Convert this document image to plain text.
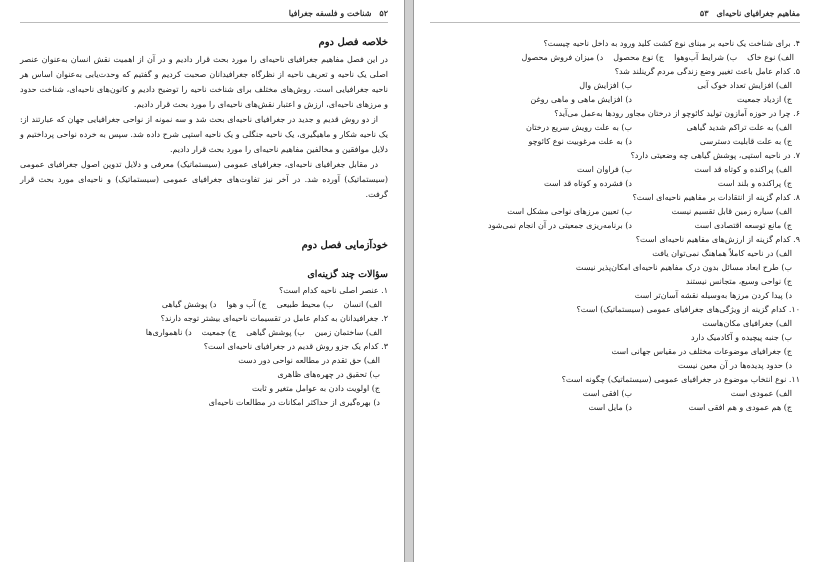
۵۲
شناخت و فلسفه جغرافیا
خلاصه فصل دوم

در این فصل مفاهیم جغرافیای ناحیه‌ای را مورد بحث قرار دادیم و در آن از اهمیت نقش انسان به‌عنوان عنصر اصلی یک ناحیه و تعریف ناحیه از نظرگاه جغرافیدانان صحبت کردیم و گفتیم که وحدت‌یابی به‌عنوان اساس هر ناحیه جغرافیایی است. روش‌های مختلف برای شناخت ناحیه را توضیح دادیم و کانون‌های ناحیه‌ای، شناخت حدود و مرزهای ناحیه‌ای، ارزش و اعتبار نقش‌های ناحیه‌ای را مورد بحث قرار دادیم.

از دو روش قدیم و جدید در جغرافیای ناحیه‌ای بحث شد و سه نمونه از نواحی جغرافیایی جهان که عبارتند از: یک ناحیه شکار و ماهیگیری، یک ناحیه جنگلی و یک ناحیه استپی شرح داده شد. سپس به خرده نواحی پرداختیم و دلایل موافقین و مخالفین مفاهیم ناحیه‌ای را مورد بحث قرار دادیم.

در مقابل جغرافیای ناحیه‌ای، جغرافیای عمومی (سیستماتیک) معرفی و دلایل تدوین اصول جغرافیای عمومی (سیستماتیک) آورده شد. در آخر نیز تفاوت‌های جغرافیای عمومی (سیستماتیک) و ناحیه‌ای مورد بحث قرار گرفت.

خودآزمایی فصل دوم
سؤالات چند گزینه‌ای
۱. عنصر اصلی ناحیه کدام است؟
الف) انسان
ب) محیط طبیعی
ج) آب و هوا
د) پوشش گیاهی
۲. جغرافیدانان به کدام عامل در تقسیمات ناحیه‌ای بیشتر توجه دارند؟
الف) ساختمان زمین
ب) پوشش گیاهی
ج) جمعیت
د) ناهمواری‌ها
۳. کدام یک جزو روش قدیم در جغرافیای ناحیه‌ای است؟
الف) حق تقدم در مطالعه نواحی دور دست
ب) تحقیق در چهره‌های ظاهری
ج) اولویت دادن به عوامل متغیر و ثابت
د) بهره‌گیری از حداکثر امکانات در مطالعات ناحیه‌ای
مفاهیم جغرافیای ناحیه‌ای
۵۳
۴. برای شناخت یک ناحیه بر مبنای نوع کشت کلید ورود به داخل ناحیه چیست؟
الف) نوع خاک
ب) شرایط آب‌وهوا
ج) نوع محصول
د) میزان فروش محصول
۵. کدام عامل باعث تغییر وضع زندگی مردم گرینلند شد؟
الف) افزایش تعداد خوک آبی
ب) افزایش وال
ج) ازدیاد جمعیت
د) افزایش ماهی و ماهی روغن
۶. چرا در حوزه آمازون تولید کائوچو از درختان مجاور رودها به‌عمل می‌آید؟
الف) به علت تراکم شدید گیاهی
ب) به علت رویش سریع درختان
ج) به علت قابلیت دسترسی
د) به علت مرغوبیت نوع کائوچو
۷. در ناحیه استپی، پوشش گیاهی چه وضعیتی دارد؟
الف) پراکنده و کوتاه قد است
ب) فراوان است
ج) پراکنده و بلند است
د) فشرده و کوتاه قد است
۸. کدام گزینه از انتقادات بر مفاهیم ناحیه‌ای است؟
الف) سیاره زمین قابل تقسیم نیست
ب) تعیین مرزهای نواحی مشکل است
ج) مانع توسعه اقتصادی است
د) برنامه‌ریزی جمعیتی در آن انجام نمی‌شود
۹. کدام گزینه از ارزش‌های مفاهیم ناحیه‌ای است؟
الف) در ناحیه کاملاً هماهنگ نمی‌توان یافت
ب) طرح ابعاد مسائل بدون درک مفاهیم ناحیه‌ای امکان‌پذیر نیست
ج) نواحی وسیع، متجانس نیستند
د) پیدا کردن مرزها به‌وسیله نقشه آسان‌تر است
۱۰. کدام گزینه از ویژگی‌های جغرافیای عمومی (سیستماتیک) است؟
الف) جغرافیای مکان‌هاست
ب) جنبه پیچیده و آکادمیک دارد
ج) جغرافیای موضوعات مختلف در مقیاس جهانی است
د) حدود پدیده‌ها در آن معین نیست
۱۱. نوع انتخاب موضوع در جغرافیای عمومی (سیستماتیک) چگونه است؟
الف) عمودی است
ب) افقی است
ج) هم عمودی و هم افقی است
د) مایل است
